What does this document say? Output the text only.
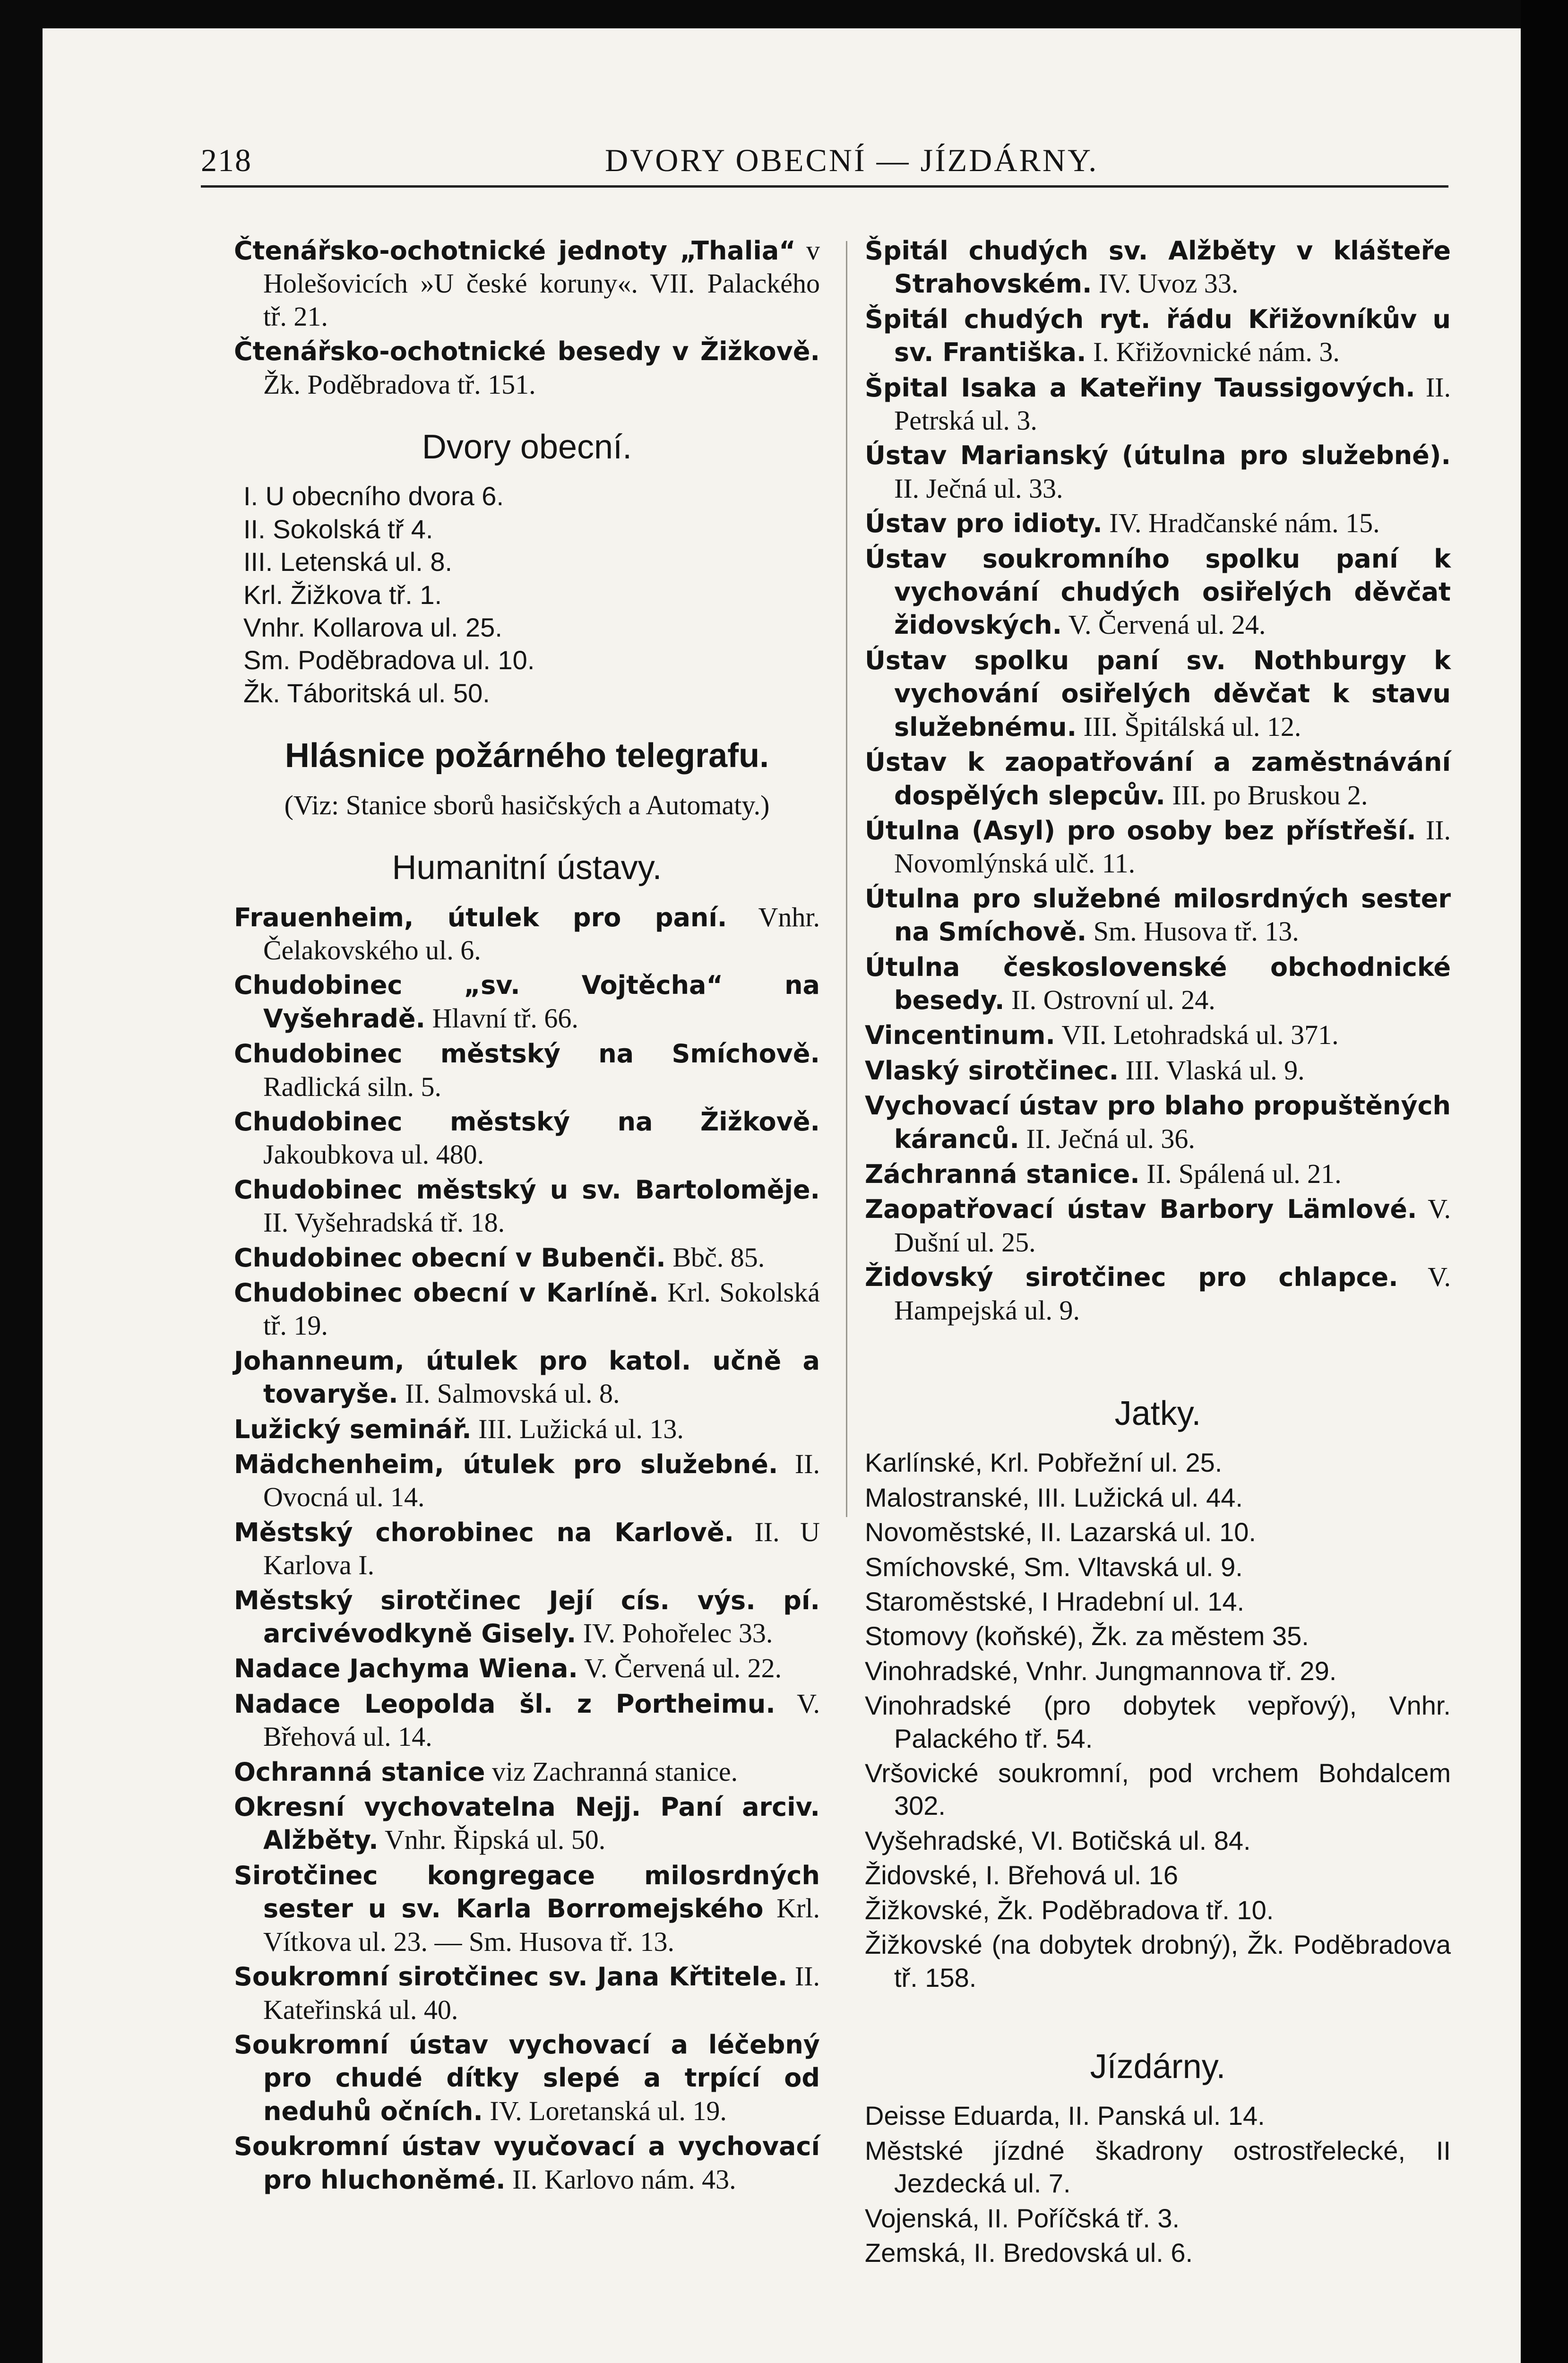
218	DVORY OBECNÍ — JÍZDÁRNY.

Čtenářsko-ochotnické jednoty „Thalia“ v Holešovicích »U české koruny«. VII. Palackého tř. 21.

Čtenářsko-ochotnické besedy v Žižkově. Žk. Poděbradova tř. 151.

Dvory obecní.

I. U obecního dvora 6.

II. Sokolská tř 4.

III. Letenská ul. 8.

Krl. Žižkova tř. 1.

Vnhr. Kollarova ul. 25.

Sm. Poděbradova ul. 10.

Žk. Táboritská ul. 50.

Hlásnice požárného telegrafu.

(Viz: Stanice sborů hasičských a Automaty.)

Humanitní ústavy.

Frauenheim, útulek pro paní. Vnhr. Čelakovského ul. 6.

Chudobinec „sv. Vojtěcha“ na Vyšehradě. Hlavní tř. 66.

Chudobinec městský na Smíchově. Radlická siln. 5.

Chudobinec městský na Žižkově. Jakoubkova ul. 480.

Chudobinec městský u sv. Bartoloměje. II. Vyšehradská tř. 18.

Chudobinec obecní v Bubenči. Bbč. 85.

Chudobinec obecní v Karlíně. Krl. Sokolská tř. 19.

Johanneum, útulek pro katol. učně a tovaryše. II. Salmovská ul. 8.

Lužický seminář. III. Lužická ul. 13.

Mädchenheim, útulek pro služebné. II. Ovocná ul. 14.

Městský chorobinec na Karlově. II. U Karlova I.

Městský sirotčinec Její cís. výs. pí. arcivévodkyně Gisely. IV. Pohořelec 33.

Nadace Jachyma Wiena. V. Červená ul. 22.

Nadace Leopolda šl. z Portheimu. V. Břehová ul. 14.

Ochranná stanice viz Zachranná stanice.

Okresní vychovatelna Nejj. Paní arciv. Alžběty. Vnhr. Řipská ul. 50.

Sirotčinec kongregace milosrdných sester u sv. Karla Borromejského Krl. Vítkova ul. 23. — Sm. Husova tř. 13.

Soukromní sirotčinec sv. Jana Křtitele. II. Kateřinská ul. 40.

Soukromní ústav vychovací a léčebný pro chudé dítky slepé a trpící od neduhů očních. IV. Loretanská ul. 19.

Soukromní ústav vyučovací a vychovací pro hluchoněmé. II. Karlovo nám. 43.

Špitál chudých sv. Alžběty v klášteře Strahovském. IV. Uvoz 33.

Špitál chudých ryt. řádu Křižovníkův u sv. Františka. I. Křižovnické nám. 3.

Špital Isaka a Kateřiny Taussigových. II. Petrská ul. 3.

Ústav Marianský (útulna pro služebné). II. Ječná ul. 33.

Ústav pro idioty. IV. Hradčanské nám. 15.

Ústav soukromního spolku paní k vychování chudých osiřelých děvčat židovských. V. Červená ul. 24.

Ústav spolku paní sv. Nothburgy k vychování osiřelých děvčat k stavu služebnému. III. Špitálská ul. 12.

Ústav k zaopatřování a zaměstnávání dospělých slepcův. III. po Bruskou 2.

Útulna (Asyl) pro osoby bez přístřeší. II. Novomlýnská ulč. 11.

Útulna pro služebné milosrdných sester na Smíchově. Sm. Husova tř. 13.

Útulna československé obchodnické besedy. II. Ostrovní ul. 24.

Vincentinum. VII. Letohradská ul. 371.

Vlaský sirotčinec. III. Vlaská ul. 9.

Vychovací ústav pro blaho propuštěných káranců. II. Ječná ul. 36.

Záchranná stanice. II. Spálená ul. 21.

Zaopatřovací ústav Barbory Lämlové. V. Dušní ul. 25.

Židovský sirotčinec pro chlapce. V. Hampejská ul. 9.

Jatky.

Karlínské, Krl. Pobřežní ul. 25.

Malostranské, III. Lužická ul. 44.

Novoměstské, II. Lazarská ul. 10.

Smíchovské, Sm. Vltavská ul. 9.

Staroměstské, I Hradební ul. 14.

Stomovy (koňské), Žk. za městem 35.

Vinohradské, Vnhr. Jungmannova tř. 29.

Vinohradské (pro dobytek vepřový), Vnhr. Palackého tř. 54.

Vršovické soukromní, pod vrchem Bohdalcem 302.

Vyšehradské, VI. Botičská ul. 84.

Židovské, I. Břehová ul. 16

Žižkovské, Žk. Poděbradova tř. 10.

Žižkovské (na dobytek drobný), Žk. Poděbradova tř. 158.

Jízdárny.

Deisse Eduarda, II. Panská ul. 14.

Městské jízdné škadrony ostrostřelecké, II Jezdecká ul. 7.

Vojenská, II. Poříčská tř. 3.

Zemská, II. Bredovská ul. 6.
